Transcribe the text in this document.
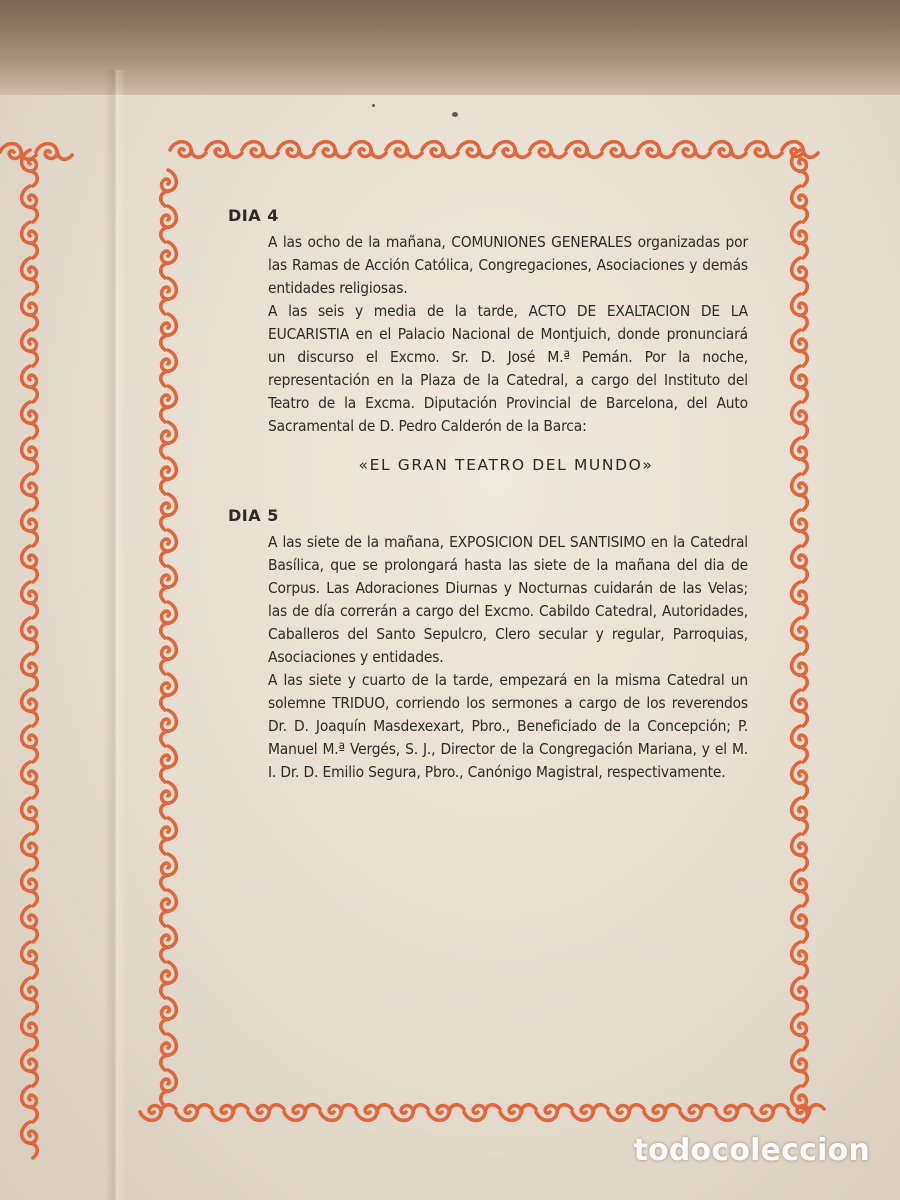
DIA 4

A las ocho de la mañana, COMUNIONES GENERALES organizadas por las Ramas de Acción Católica, Congregaciones, Asociaciones y demás entidades religiosas.

A las seis y media de la tarde, ACTO DE EXALTACION DE LA EUCARISTIA en el Palacio Nacional de Montjuich, donde pronunciará un discurso el Excmo. Sr. D. José M.ª Pemán. Por la noche, representación en la Plaza de la Catedral, a cargo del Instituto del Teatro de la Excma. Diputación Provincial de Barcelona, del Auto Sacramental de D. Pedro Calderón de la Barca:

«EL GRAN TEATRO DEL MUNDO»

DIA 5

A las siete de la mañana, EXPOSICION DEL SANTISIMO en la Catedral Basílica, que se prolongará hasta las siete de la mañana del dia de Corpus. Las Adoraciones Diurnas y Nocturnas cuidarán de las Velas; las de día correrán a cargo del Excmo. Cabildo Catedral, Autoridades, Caballeros del Santo Sepulcro, Clero secular y regular, Parroquias, Asociaciones y entidades.

A las siete y cuarto de la tarde, empezará en la misma Catedral un solemne TRIDUO, corriendo los sermones a cargo de los reverendos Dr. D. Joaquín Masdexexart, Pbro., Beneficiado de la Concepción; P. Manuel M.ª Vergés, S. J., Director de la Congregación Mariana, y el M. I. Dr. D. Emilio Segura, Pbro., Canónigo Magistral, respectivamente.

todocoleccion
